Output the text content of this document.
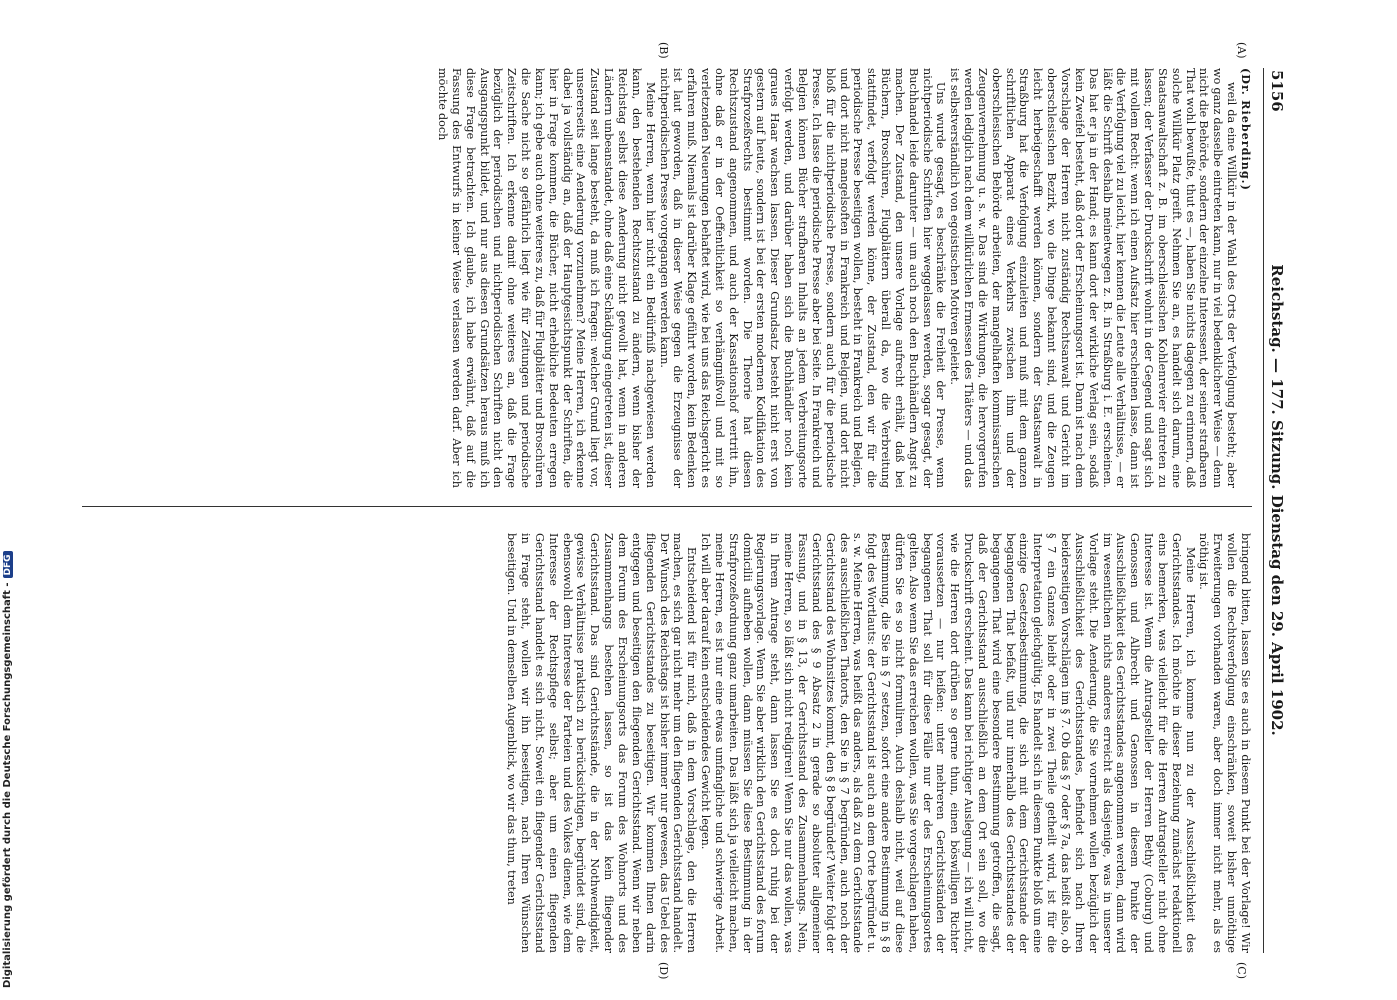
5156
Reichstag. — 177. Sitzung. Dienstag den 29. April 1902.
(A)
(B)
(C)
(D)

(Dr. Rieberding.)

weil da eine Willkür in der Wahl des Orts der Verfolgung besteht; aber wo ganz dasselbe eintreten kann, nur in viel bedenklicherer Weise — denn nicht die Behörde, sondern der einzelne Interessent, der seiner strafbaren That wohl bewußte, thut es —, haben Sie nichts dagegen zu erinnern, daß solche Willkür Platz greift. Nehmen Sie an, es handelt sich darum, eine Staatsanwaltschaft z. B. im oberschlesischen Kohlenrevier eintreten zu lassen; der Verfasser der Druckschrift wohnt in der Gegend und sagt sich mit vollem Recht: wenn ich einen Aufsatz hier erscheinen lasse, dann ist die Verfolgung viel zu leicht, hier kennen die Leute alle Verhältnisse, — er läßt die Schrift deshalb meinetwegen z. B. in Straßburg i. E. erscheinen. Das hat er ja in der Hand; es kann dort der wirkliche Verlag sein, sodaß kein Zweifel besteht, daß dort der Erscheinungsort ist. Dann ist nach dem Vorschlage der Herren nicht zuständig Rechtsanwalt und Gericht im oberschlesischen Bezirk, wo die Dinge bekannt sind, und die Zeugen leicht herbeigeschafft werden können, sondern der Staatsanwalt in Straßburg hat die Verfolgung einzuleiten und muß mit dem ganzen schriftlichen Apparat eines Verkehrs zwischen ihm und der oberschlesischen Behörde arbeiten, der mangelhaften kommissarischen Zeugenvernehmung u. s. w. Das sind die Wirkungen, die hervorgerufen werden lediglich nach dem willkürlichen Ermessen des Thäters — und das ist selbstverständlich von egoistischen Motiven geleitet.

Uns wurde gesagt, es beschränke die Freiheit der Presse, wenn nichtperiodische Schriften hier weggelassen werden, sogar gesagt, der Buchhandel leide darunter — um auch noch den Buchhändlern Angst zu machen. Der Zustand, den unsere Vorlage aufrecht erhält, daß bei Büchern, Broschüren, Flugblättern überall da, wo die Verbreitung stattfindet, verfolgt werden könne, der Zustand, den wir für die periodische Presse beseitigen wollen, besteht in Frankreich und Belgien, und dort nicht mangelsoften in Frankreich und Belgien, und dort nicht bloß für die nichtperiodische Presse, sondern auch für die periodische Presse. Ich lasse die periodische Presse aber bei Seite. In Frankreich und Belgien können Bücher strafbaren Inhalts an jedem Verbreitungsorte verfolgt werden, und darüber haben sich die Buchhändler noch kein graues Haar wachsen lassen. Dieser Grundsatz besteht nicht erst von gestern auf heute, sondern ist bei der ersten modernen Kodifikation des Strafprozeßrechts bestimmt worden. Die Theorie hat diesen Rechtszustand angenommen, und auch der Kassationshof vertritt ihn, ohne daß er in der Oeffentlichkeit so verhängnißvoll und mit so verletzenden Neuerungen behaftet wird, wie bei uns das Reichsgericht es erfahren muß. Niemals ist darüber Klage geführt worden, kein Bedenken ist laut geworden, daß in dieser Weise gegen die Erzeugnisse der nichtperiodischen Presse vorgegangen werden kann.

Meine Herren, wenn hier nicht ein Bedürfniß nachgewiesen werden kann, den bestehenden Rechtszustand zu ändern, wenn bisher der Reichstag selbst diese Aenderung nicht gewollt hat, wenn in anderen Ländern unbeanstandet, ohne daß eine Schädigung eingetreten ist, dieser Zustand seit lange besteht, da muß ich fragen: welcher Grund liegt vor, unsererseits eine Aenderung vorzunehmen? Meine Herren, ich erkenne dabei ja vollständig an, daß der Hauptgesichtspunkt der Schriften, die hier in Frage kommen, die Bücher, nicht erhebliche Bedeuten erregen kann; ich gebe auch ohne weiteres zu, daß für Flugblätter und Broschüren die Sache nicht so gefährlich liegt wie für Zeitungen und periodische Zeitschriften. Ich erkenne damit ohne weiteres an, daß die Frage bezüglich der periodischen und nichtperiodischen Schriften nicht den Ausgangspunkt bildet, und nur aus diesen Grundsätzen heraus muß ich diese Frage betrachten. Ich glaube, ich habe erwähnt, daß auf die Fassung des Entwurfs in keiner Weise verlassen werden darf. Aber ich möchte doch

bringend bitten, lassen Sie es auch in diesem Punkt bei der Vorlage! Wir wollen die Rechtsverfolgung einschränken, soweit bisher unnöthige Erweiterungen vorhanden waren, aber doch immer nicht mehr, als es nöthig ist.

Meine Herren, ich komme nun zu der Ausschließlichkeit des Gerichtsstandes. Ich möchte in dieser Beziehung zunächst redaktionell eins bemerken, was vielleicht für die Herren Antragsteller nicht ohne Interesse ist. Wenn die Antragsteller der Herren Bethy (Coburg) und Genossen und Albrecht und Genossen in diesem Punkte der Ausschließlichkeit des Gerichtsstandes angenommen werden, dann wird im wesentlichen nichts anderes erreicht als dasjenige, was in unserer Vorlage steht. Die Aenderung, die Sie vornehmen wollen bezüglich der Ausschließlichkeit des Gerichtsstandes, befindet sich nach Ihren beiderseitigen Vorschlägen im § 7. Ob das § 7 oder § 7a, das heißt also, ob § 7 ein Ganzes bleibt oder in zwei Theile getheilt wird, ist für die Interpretation gleichgültig. Es handelt sich in diesem Punkte bloß um eine einzige Gesetzesbestimmung, die sich mit dem Gerichtsstande der begangenen That befaßt, und nur innerhalb des Gerichtsstandes der begangenen That wird eine besondere Bestimmung getroffen, die sagt, daß der Gerichtsstand ausschließlich an dem Ort sein soll, wo die Druckschrift erscheint. Das kann bei richtiger Auslegung — ich will nicht, wie die Herren dort drüben so gerne thun, einen böswilligen Richter voraussetzen — nur heißen: unter mehreren Gerichtsständen der begangenen That soll für diese Fälle nur der des Erscheinungsortes gelten. Also wenn Sie das erreichen wollen, was Sie vorgeschlagen haben, dürfen Sie es so nicht formuliren. Auch deshalb nicht, weil auf diese Bestimmung, die Sie in § 7 setzen, sofort eine andere Bestimmung in § 8 folgt des Wortlauts: der Gerichtsstand ist auch an dem Orte begründet u. s. w. Meine Herren, was heißt das anders, als daß zu dem Gerichtsstande des ausschließlichen Thatorts, den Sie in § 7 begründen, auch noch der Gerichtsstand des Wohnsitzes kommt, den § 8 begründet? Weiter folgt der Gerichtsstand des § 9 Absatz 2 in gerade so absoluter allgemeiner Fassung, und in § 13, der Gerichtsstand des Zusammenhangs. Nein, meine Herren, so läßt sich nicht redigiren! Wenn Sie nur das wollen, was in Ihrem Antrage steht, dann lassen Sie es doch ruhig bei der Regierungsvorlage. Wenn Sie aber wirklich den Gerichtsstand des forum domicilii aufheben wollen, dann müssen Sie diese Bestimmung in der Strafprozeßordnung ganz umarbeiten. Das läßt sich ja vielleicht machen, meine Herren, es ist nur eine etwas umfangliche und schwierige Arbeit. Ich will aber darauf kein entscheidendes Gewicht legen.

Entscheidend ist für mich, daß in dem Vorschlage, den die Herren machen, es sich gar nicht mehr um den fliegenden Gerichtsstand handelt. Der Wunsch des Reichstags ist bisher immer nur gewesen, das Uebel des fliegenden Gerichtsstandes zu beseitigen. Wir kommen Ihnen darin entgegen und beseitigen den fliegenden Gerichtsstand. Wenn wir neben dem Forum des Erscheinungsorts das Forum des Wohnorts und des Zusammenhangs bestehen lassen, so ist das kein fliegender Gerichtsstand. Das sind Gerichtsstände, die in der Nothwendigkeit, gewisse Verhältnisse praktisch zu berücksichtigen, begründet sind, die ebensowohl dem Interesse der Parteien und des Volkes dienen, wie dem Interesse der Rechtspflege selbst; aber um einen fliegenden Gerichtsstand handelt es sich nicht. Soweit ein fliegender Gerichtsstand in Frage steht, wollen wir ihn beseitigen, nach Ihren Wünschen beseitigen. Und in demselben Augenblick, wo wir das thun, treten

Digitalisierung gefördert durch die Deutsche Forschungsgemeinschaft -DFG
